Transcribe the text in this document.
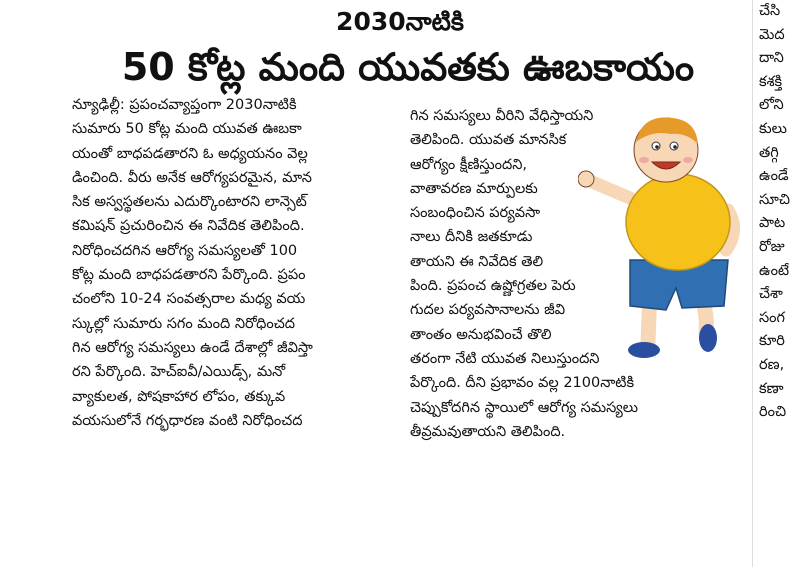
2030నాటికి
50 కోట్ల మంది యువతకు ఊబకాయం
న్యూఢిల్లీ: ప్రపంచవ్యాప్తంగా 2030నాటికి
సుమారు 50 కోట్ల మంది యువత ఊబకా
యంతో బాధపడతారని ఓ అధ్యయనం వెల్ల
డించింది. వీరు అనేక ఆరోగ్యపరమైన, మాన
సిక అస్వస్థతలను ఎదుర్కొంటారని లాన్సెట్
కమిషన్ ప్రచురించిన ఈ నివేదిక తెలిపింది.
నిరోధించదగిన ఆరోగ్య సమస్యలతో 100
కోట్ల మంది బాధపడతారని పేర్కొంది. ప్రపం
చంలోని 10-24 సంవత్సరాల మధ్య వయ
స్కుల్లో సుమారు సగం మంది నిరోధించద
గిన ఆరోగ్య సమస్యలు ఉండే దేశాల్లో జీవిస్తా
రని పేర్కొంది. హెచ్ఐవీ/ఎయిడ్స్, మనో
వ్యాకులత, పోషకాహార లోపం, తక్కువ
వయసులోనే గర్భధారణ వంటి నిరోధించద
గిన సమస్యలు వీరిని వేధిస్తాయని
తెలిపింది. యువత మానసిక
ఆరోగ్యం క్షీణిస్తుందని,
వాతావరణ మార్పులకు
సంబంధించిన పర్యవసా
నాలు దీనికి జతకూడు
తాయని ఈ నివేదిక తెలి
పింది. ప్రపంచ ఉష్ణోగ్రతల పెరు
గుదల పర్యవసానాలను జీవి
తాంతం అనుభవించే తొలి
తరంగా నేటి యువత నిలుస్తుందని
పేర్కొంది. దీని ప్రభావం వల్ల 2100నాటికి
చెప్పుకోదగిన స్థాయిలో ఆరోగ్య సమస్యలు
తీవ్రమవుతాయని తెలిపింది.
చేసి
మెద
దాని
కశక్తి
లోని
కులు
తగ్గి
ఉండే
సూచి
పాట
రోజు
ఉంటే
చేశా
సంగ
కూరి
రణ,
కణా
రించి
